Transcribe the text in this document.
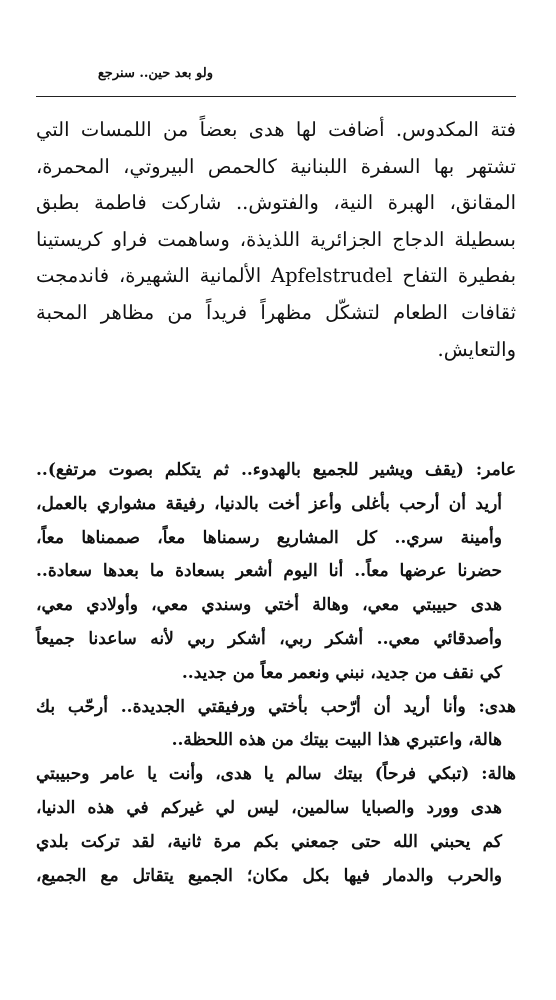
ولو بعد حين.. سنرجع

فتة المكدوس. أضافت لها هدى بعضاً من اللمسات التي تشتهر بها السفرة اللبنانية كالحمص البيروتي، المحمرة، المقانق، الهبرة النية، والفتوش.. شاركت فاطمة بطبق بسطيلة الدجاج الجزائرية اللذيذة، وساهمت فراو كريستينا بفطيرة التفاح Apfelstrudel الألمانية الشهيرة، فاندمجت ثقافات الطعام لتشكّل مظهراً فريداً من مظاهر المحبة والتعايش.

عامر: (يقف ويشير للجميع بالهدوء.. ثم يتكلم بصوت مرتفع)..
أريد أن أرحب بأغلى وأعز أخت بالدنيا، رفيقة مشواري بالعمل،
وأمينة سري.. كل المشاريع رسمناها معاً، صممناها معاً،
حضرنا عرضها معاً.. أنا اليوم أشعر بسعادة ما بعدها سعادة..
هدى حبيبتي معي، وهالة أختي وسندي معي، وأولادي معي،
وأصدقائي معي.. أشكر ربي، أشكر ربي لأنه ساعدنا جميعاً
كي نقف من جديد، نبني ونعمر معاً من جديد..
هدى: وأنا أريد أن أرّحب بأختي ورفيقتي الجديدة.. أرحّب بك
هالة، واعتبري هذا البيت بيتك من هذه اللحظة..
هالة: (تبكي فرحاً) بيتك سالم يا هدى، وأنت يا عامر وحبيبتي
هدى وورد والصبايا سالمين، ليس لي غيركم في هذه الدنيا،
كم يحبني الله حتى جمعني بكم مرة ثانية، لقد تركت بلدي
والحرب والدمار فيها بكل مكان؛ الجميع يتقاتل مع الجميع،
